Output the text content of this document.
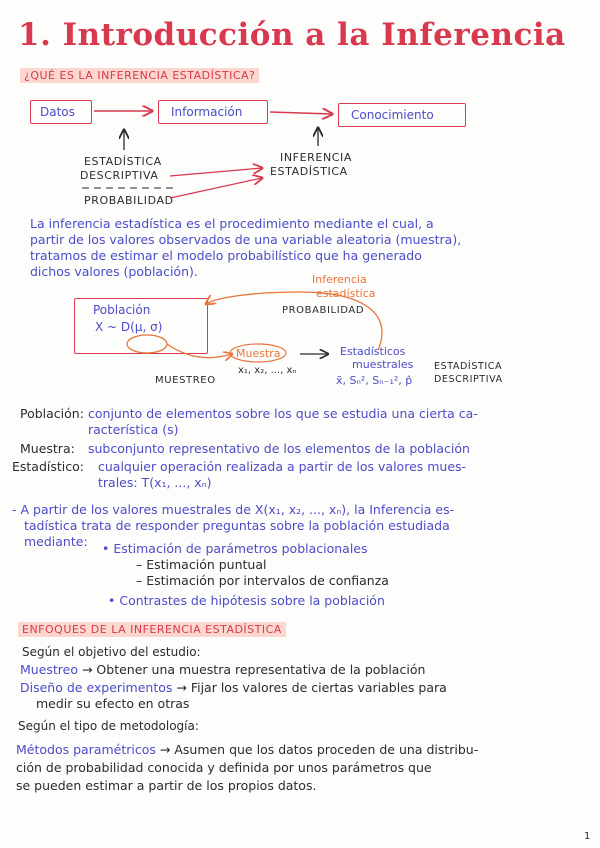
1. Introducción a la Inferencia
¿QUÉ ES LA INFERENCIA ESTADÍSTICA?
Datos	Información	Conocimiento
ESTADÍSTICA
DESCRIPTIVA
INFERENCIA
ESTADÍSTICA
PROBABILIDAD
La inferencia estadística es el procedimiento mediante el cual, a
partir de los valores observados de una variable aleatoria (muestra),
tratamos de estimar el modelo probabilístico que ha generado
dichos valores (población).
Inferencia
estadística
Población
X ~ D(μ, σ)
PROBABILIDAD
Muestra
x₁, x₂, ..., xₙ
MUESTREO
Estadísticos
muestrales
x̄, Sₙ², Sₙ₋₁², p̂
ESTADÍSTICA
DESCRIPTIVA
Población: conjunto de elementos sobre los que se estudia una cierta ca-
racterística (s)
Muestra: subconjunto representativo de los elementos de la población
Estadístico: cualquier operación realizada a partir de los valores mues-
trales: T(x₁, ..., xₙ)
- A partir de los valores muestrales de X(x₁, x₂, ..., xₙ), la Inferencia es-
tadística trata de responder preguntas sobre la población estudiada
mediante: • Estimación de parámetros poblacionales
– Estimación puntual
– Estimación por intervalos de confianza
• Contrastes de hipótesis sobre la población
ENFOQUES DE LA INFERENCIA ESTADÍSTICA
Según el objetivo del estudio:
Muestreo → Obtener una muestra representativa de la población
Diseño de experimentos → Fijar los valores de ciertas variables para
medir su efecto en otras
Según el tipo de metodología:
Métodos paramétricos → Asumen que los datos proceden de una distribu-
ción de probabilidad conocida y definida por unos parámetros que
se pueden estimar a partir de los propios datos.
1
